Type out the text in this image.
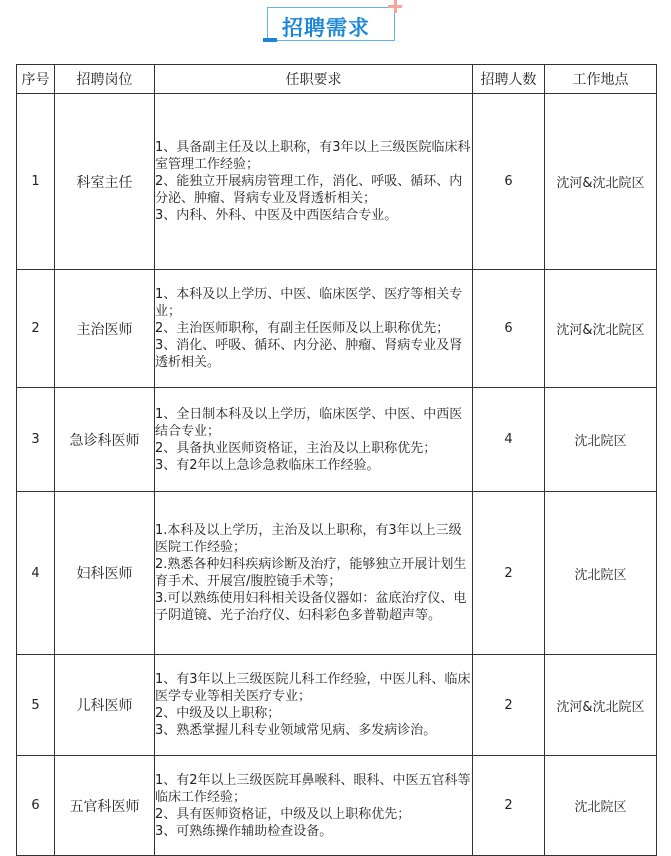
招聘需求
序号	招聘岗位	任职要求	招聘人数	工作地点
1	科室主任	1、具备副主任及以上职称，有3年以上三级医院临床科室管理工作经验；
2、能独立开展病房管理工作，消化、呼吸、循环、内分泌、肿瘤、肾病专业及肾透析相关；
3、内科、外科、中医及中西医结合专业。	6	沈河&沈北院区
2	主治医师	1、本科及以上学历、中医、临床医学、医疗等相关专业；
2、主治医师职称，有副主任医师及以上职称优先；
3、消化、呼吸、循环、内分泌、肿瘤、肾病专业及肾透析相关。	6	沈河&沈北院区
3	急诊科医师	1、全日制本科及以上学历，临床医学、中医、中西医结合专业；
2、具备执业医师资格证，主治及以上职称优先；
3、有2年以上急诊急救临床工作经验。	4	沈北院区
4	妇科医师	1.本科及以上学历，主治及以上职称，有3年以上三级医院工作经验；
2.熟悉各种妇科疾病诊断及治疗，能够独立开展计划生育手术、开展宫/腹腔镜手术等；
3.可以熟练使用妇科相关设备仪器如：盆底治疗仪、电子阴道镜、光子治疗仪、妇科彩色多普勒超声等。	2	沈北院区
5	儿科医师	1、有3年以上三级医院儿科工作经验，中医儿科、临床医学专业等相关医疗专业；
2、中级及以上职称；
3、熟悉掌握儿科专业领域常见病、多发病诊治。	2	沈河&沈北院区
6	五官科医师	1、有2年以上三级医院耳鼻喉科、眼科、中医五官科等临床工作经验；
2、具有医师资格证，中级及以上职称优先；
3、可熟练操作辅助检查设备。	2	沈北院区
